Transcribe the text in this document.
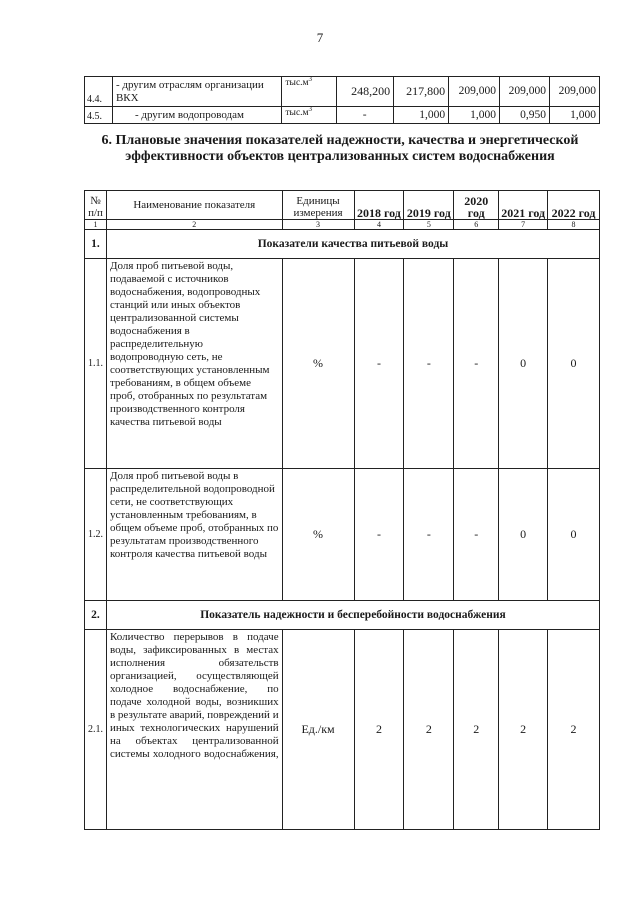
7
4.4.	- другим отраслям организации ВКХ	$тыс.м^3$	248,200	217,800	209,000	209,000	209,000
4.5.	- другим водопроводам	$тыс.м^3$	-	1,000	1,000	0,950	1,000
6. Плановые значения показателей надежности, качества и энергетической эффективности объектов централизованных систем водоснабжения
№ п/п	Наименование показателя	Единицы измерения	2018 год	2019 год	2020 год	2021 год	2022 год
1	2	3	4	5	6	7	8
1.	Показатели качества питьевой воды						
1.1.	Доля проб питьевой воды, подаваемой с источников водоснабжения, водопроводных станций или иных объектов централизованной системы водоснабжения в распределительную водопроводную сеть, не соответствующих установленным требованиям, в общем объеме проб, отобранных по результатам производственного контроля качества питьевой воды	%	-	-	-	0	0
1.2.	Доля проб питьевой воды в распределительной водопроводной сети, не соответствующих установленным требованиям, в общем объеме проб, отобранных по результатам производственного контроля качества питьевой воды	%	-	-	-	0	0
2.	Показатель надежности и бесперебойности водоснабжения						
2.1.	Количество перерывов в подаче воды, зафиксированных в местах исполнения обязательств организацией, осуществляющей холодное водоснабжение, по подаче холодной воды, возникших в результате аварий, повреждений и иных технологических нарушений на объектах централизованной системы холодного водоснабжения,	Ед./км	2	2	2	2	2
